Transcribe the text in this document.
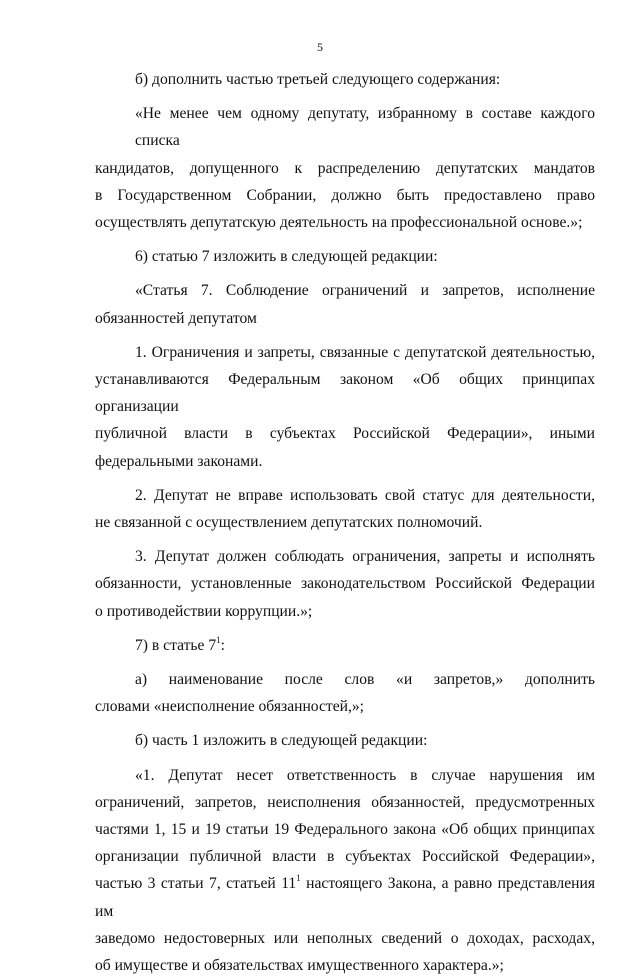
5

б) дополнить частью третьей следующего содержания:

«Не менее чем одному депутату, избранному в составе каждого списка
кандидатов, допущенного к распределению депутатских мандатов
в Государственном Собрании, должно быть предоставлено право
осуществлять депутатскую деятельность на профессиональной основе.»;

6) статью 7 изложить в следующей редакции:

«Статья 7. Соблюдение ограничений и запретов, исполнение
обязанностей депутатом

1. Ограничения и запреты, связанные с депутатской деятельностью,
устанавливаются Федеральным законом «Об общих принципах организации
публичной власти в субъектах Российской Федерации», иными
федеральными законами.

2. Депутат не вправе использовать свой статус для деятельности,
не связанной с осуществлением депутатских полномочий.

3. Депутат должен соблюдать ограничения, запреты и исполнять
обязанности, установленные законодательством Российской Федерации
о противодействии коррупции.»;

7) в статье $7^1$:

а) наименование после слов «и запретов,» дополнить
словами «неисполнение обязанностей,»;

б) часть 1 изложить в следующей редакции:

«1. Депутат несет ответственность в случае нарушения им
ограничений, запретов, неисполнения обязанностей, предусмотренных
частями 1, 15 и 19 статьи 19 Федерального закона «Об общих принципах
организации публичной власти в субъектах Российской Федерации»,
частью 3 статьи 7, статьей $11^1$ настоящего Закона, а равно представления им
заведомо недостоверных или неполных сведений о доходах, расходах,
об имуществе и обязательствах имущественного характера.»;
